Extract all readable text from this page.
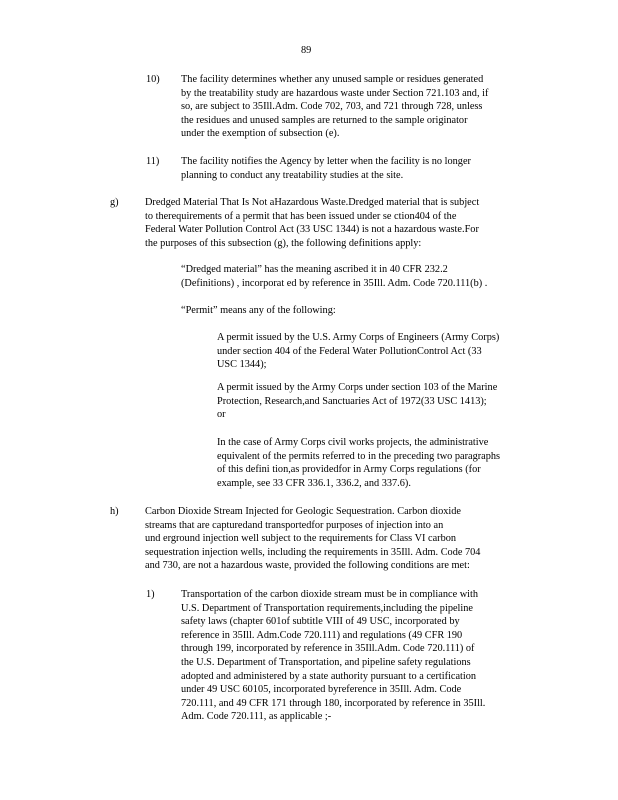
89
10) The facility determines whether any unused sample or residues generated
by the treatability study are hazardous waste under Section 721.103 and, if
so, are subject to 35Ill.Adm. Code 702, 703, and 721 through 728, unless
the residues and unused samples are returned to the sample originator
under the exemption of subsection (e).
11) The facility notifies the Agency by letter when the facility is no longer
planning to conduct any treatability studies at the site.
g)	Dredged Material That Is Not aHazardous Waste.Dredged material that is subject
to therequirements of a permit that has been issued under se ction404 of the
Federal Water Pollution Control Act (33 USC 1344) is not a hazardous waste.For
the purposes of this subsection (g), the following definitions apply:
“Dredged material” has the meaning ascribed it in 40 CFR 232.2
(Definitions) , incorporat ed by reference in 35Ill. Adm. Code 720.111(b) .
“Permit” means any of the following:
A permit issued by the U.S. Army Corps of Engineers (Army Corps)
under section 404 of the Federal Water PollutionControl Act (33
USC 1344);
A permit issued by the Army Corps under section 103 of the Marine
Protection, Research,and Sanctuaries Act of 1972(33 USC 1413);
or
In the case of Army Corps civil works projects, the administrative
equivalent of the permits referred to in the preceding two paragraphs
of this defini tion,as providedfor in Army Corps regulations (for
example, see 33 CFR 336.1, 336.2, and 337.6).
h)	Carbon Dioxide Stream Injected for Geologic Sequestration. Carbon dioxide
streams that are capturedand transportedfor purposes of injection into an
und erground injection well subject to the requirements for Class VI carbon
sequestration injection wells, including the requirements in 35Ill. Adm. Code 704
and 730, are not a hazardous waste, provided the following conditions are met:
1)	Transportation of the carbon dioxide stream must be in compliance with
U.S. Department of Transportation requirements,including the pipeline
safety laws (chapter 601of subtitle VIII of 49 USC, incorporated by
reference in 35Ill. Adm.Code 720.111) and regulations (49 CFR 190
through 199, incorporated by reference in 35Ill.Adm. Code 720.111) of
the U.S. Department of Transportation, and pipeline safety regulations
adopted and administered by a state authority pursuant to a certification
under 49 USC 60105, incorporated byreference in 35Ill. Adm. Code
720.111, and 49 CFR 171 through 180, incorporated by reference in 35Ill.
Adm. Code 720.111, as applicable ;-
